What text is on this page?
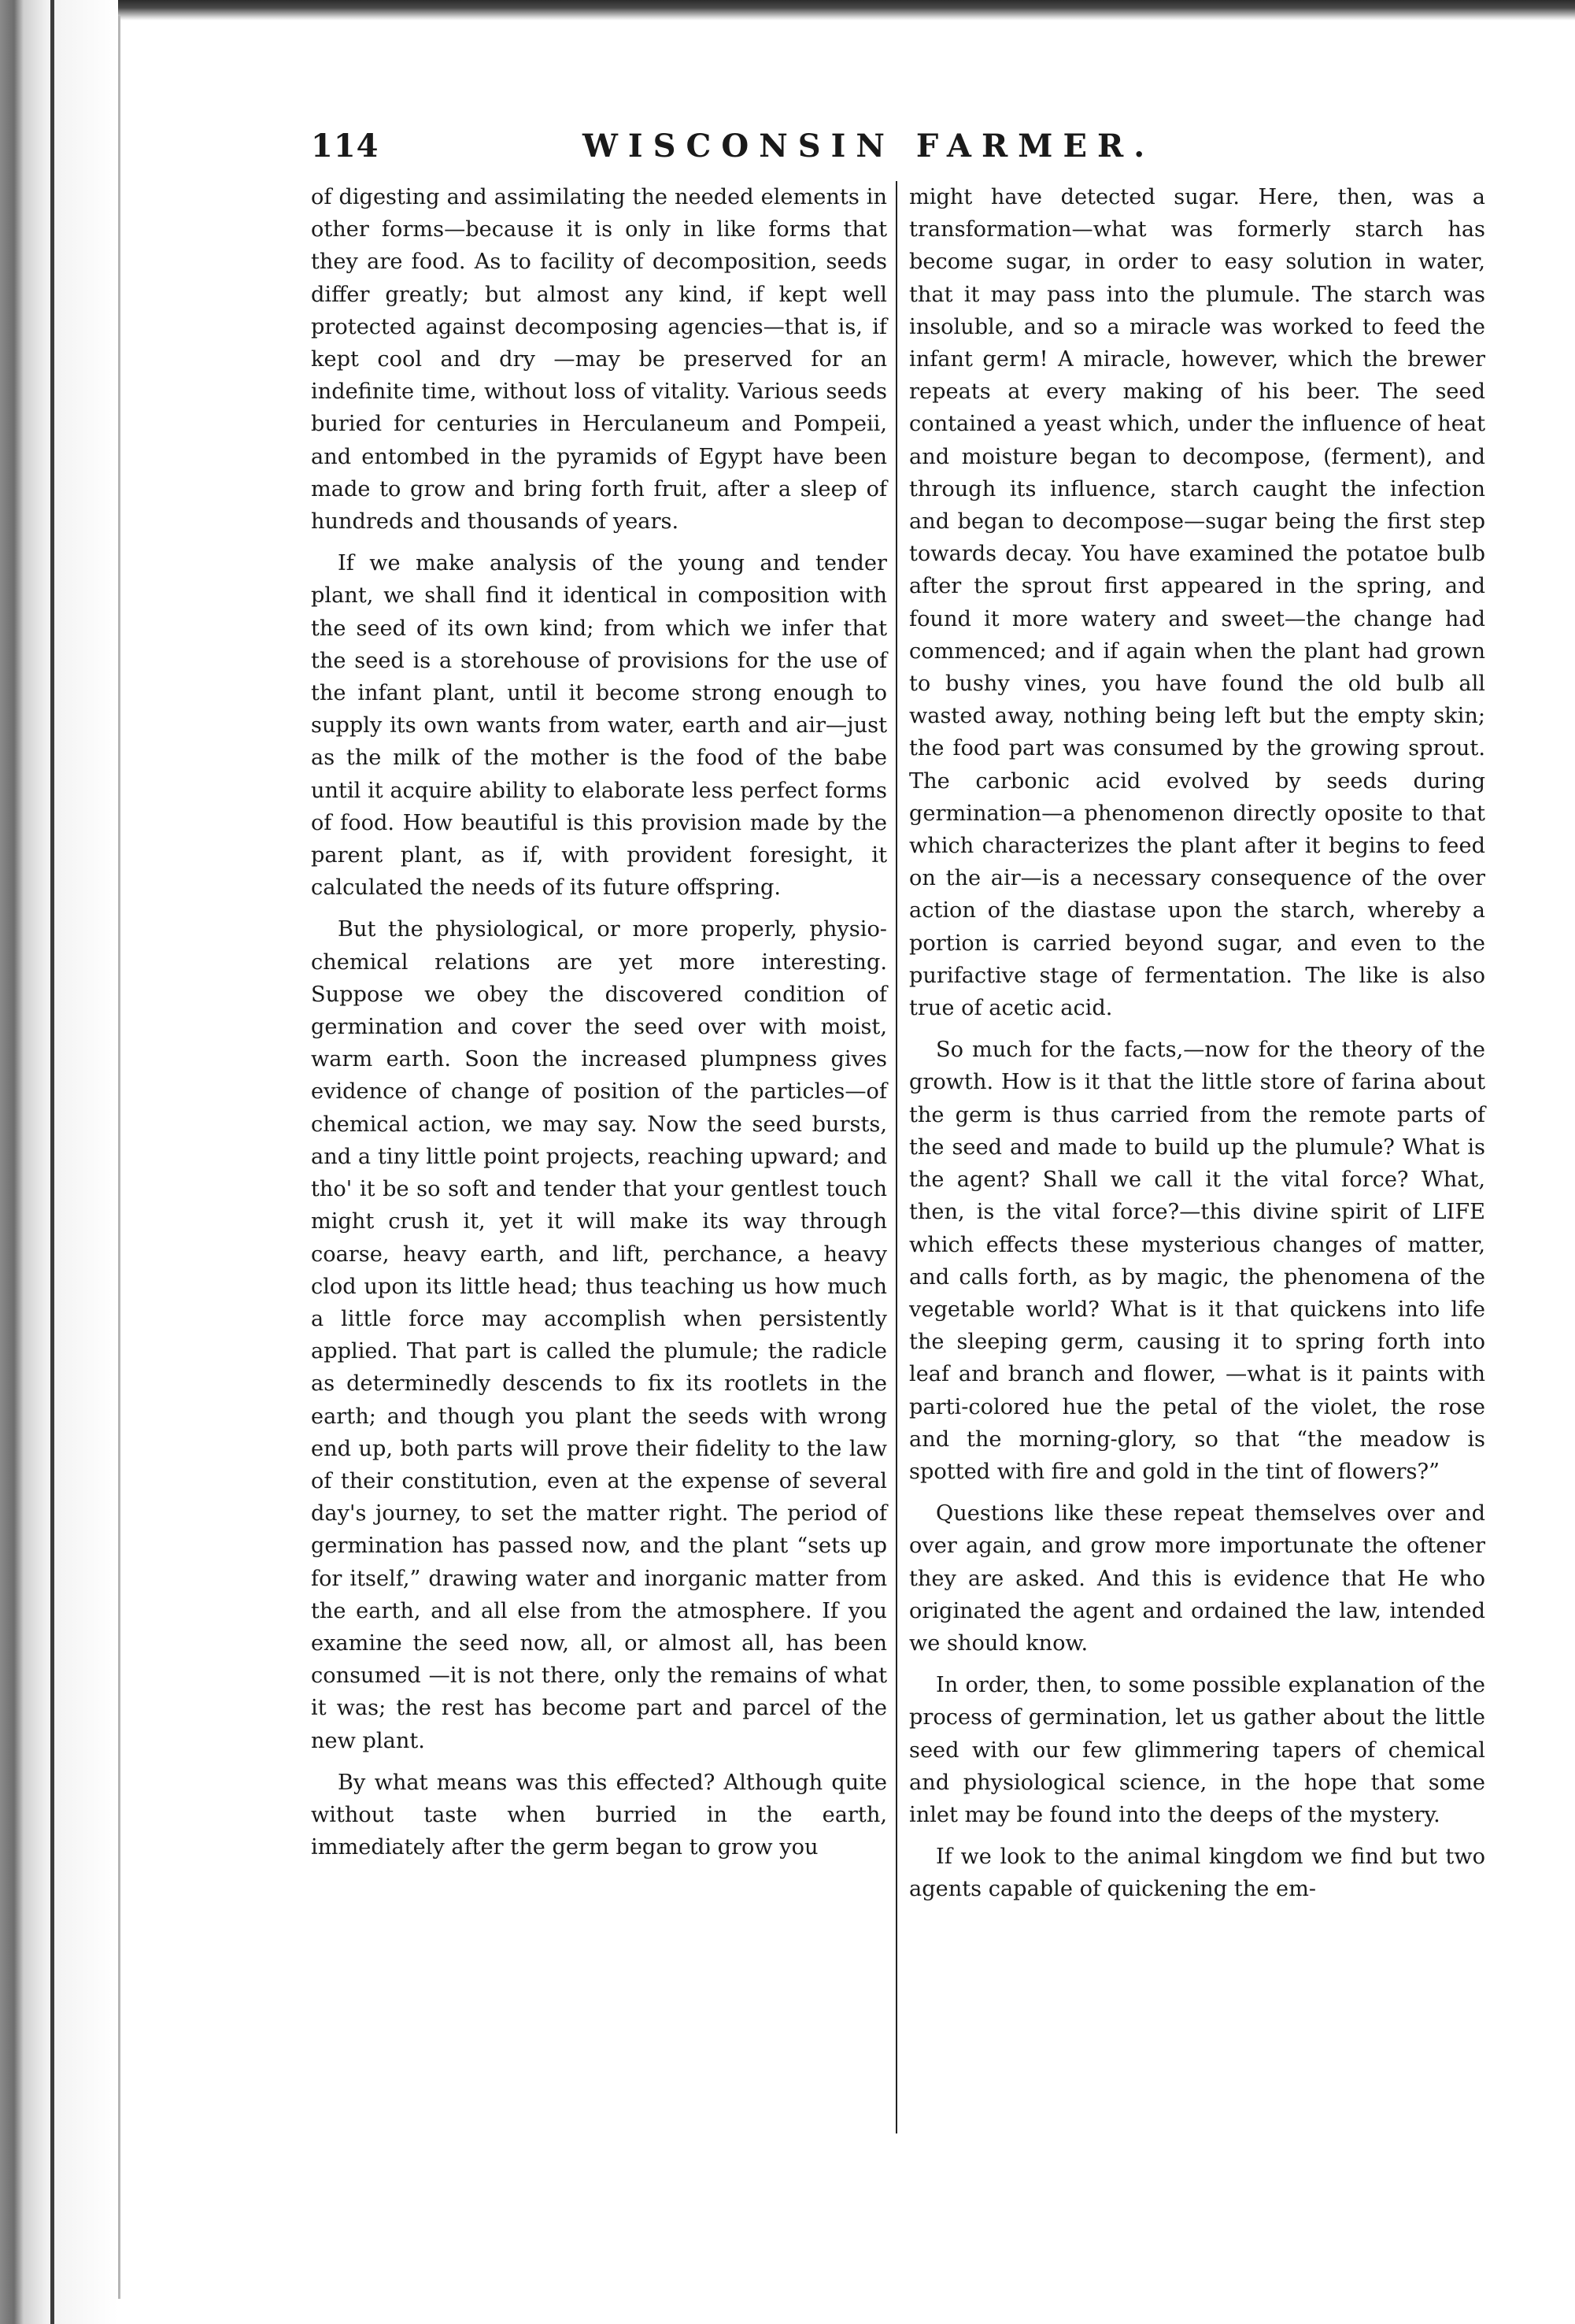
114	WISCONSIN FARMER.

of digesting and assimilating the needed elements in other forms—because it is only in like forms that they are food. As to facility of decomposition, seeds differ greatly; but almost any kind, if kept well protected against decomposing agencies—that is, if kept cool and dry —may be preserved for an indefinite time, without loss of vitality. Various seeds buried for centuries in Herculaneum and Pompeii, and entombed in the pyramids of Egypt have been made to grow and bring forth fruit, after a sleep of hundreds and thousands of years.

If we make analysis of the young and tender plant, we shall find it identical in composition with the seed of its own kind; from which we infer that the seed is a storehouse of provisions for the use of the infant plant, until it become strong enough to supply its own wants from water, earth and air—just as the milk of the mother is the food of the babe until it acquire ability to elaborate less perfect forms of food. How beautiful is this provision made by the parent plant, as if, with provident foresight, it calculated the needs of its future offspring.

But the physiological, or more properly, physio-chemical relations are yet more interesting. Suppose we obey the discovered condition of germination and cover the seed over with moist, warm earth. Soon the increased plumpness gives evidence of change of position of the particles—of chemical action, we may say. Now the seed bursts, and a tiny little point projects, reaching upward; and tho' it be so soft and tender that your gentlest touch might crush it, yet it will make its way through coarse, heavy earth, and lift, perchance, a heavy clod upon its little head; thus teaching us how much a little force may accomplish when persistently applied. That part is called the plumule; the radicle as determinedly descends to fix its rootlets in the earth; and though you plant the seeds with wrong end up, both parts will prove their fidelity to the law of their constitution, even at the expense of several day's journey, to set the matter right. The period of germination has passed now, and the plant “sets up for itself,” drawing water and inorganic matter from the earth, and all else from the atmosphere. If you examine the seed now, all, or almost all, has been consumed —it is not there, only the remains of what it was; the rest has become part and parcel of the new plant.

By what means was this effected? Although quite without taste when burried in the earth, immediately after the germ began to grow you

might have detected sugar. Here, then, was a transformation—what was formerly starch has become sugar, in order to easy solution in water, that it may pass into the plumule. The starch was insoluble, and so a miracle was worked to feed the infant germ! A miracle, however, which the brewer repeats at every making of his beer. The seed contained a yeast which, under the influence of heat and moisture began to decompose, (ferment), and through its influence, starch caught the infection and began to decompose—sugar being the first step towards decay. You have examined the potatoe bulb after the sprout first appeared in the spring, and found it more watery and sweet—the change had commenced; and if again when the plant had grown to bushy vines, you have found the old bulb all wasted away, nothing being left but the empty skin; the food part was consumed by the growing sprout. The carbonic acid evolved by seeds during germination—a phenomenon directly oposite to that which characterizes the plant after it begins to feed on the air—is a necessary consequence of the over action of the diastase upon the starch, whereby a portion is carried beyond sugar, and even to the purifactive stage of fermentation. The like is also true of acetic acid.

So much for the facts,—now for the theory of the growth. How is it that the little store of farina about the germ is thus carried from the remote parts of the seed and made to build up the plumule? What is the agent? Shall we call it the vital force? What, then, is the vital force?—this divine spirit of LIFE which effects these mysterious changes of matter, and calls forth, as by magic, the phenomena of the vegetable world? What is it that quickens into life the sleeping germ, causing it to spring forth into leaf and branch and flower, —what is it paints with parti-colored hue the petal of the violet, the rose and the morning-glory, so that “the meadow is spotted with fire and gold in the tint of flowers?”

Questions like these repeat themselves over and over again, and grow more importunate the oftener they are asked. And this is evidence that He who originated the agent and ordained the law, intended we should know.

In order, then, to some possible explanation of the process of germination, let us gather about the little seed with our few glimmering tapers of chemical and physiological science, in the hope that some inlet may be found into the deeps of the mystery.

If we look to the animal kingdom we find but two agents capable of quickening the em-
